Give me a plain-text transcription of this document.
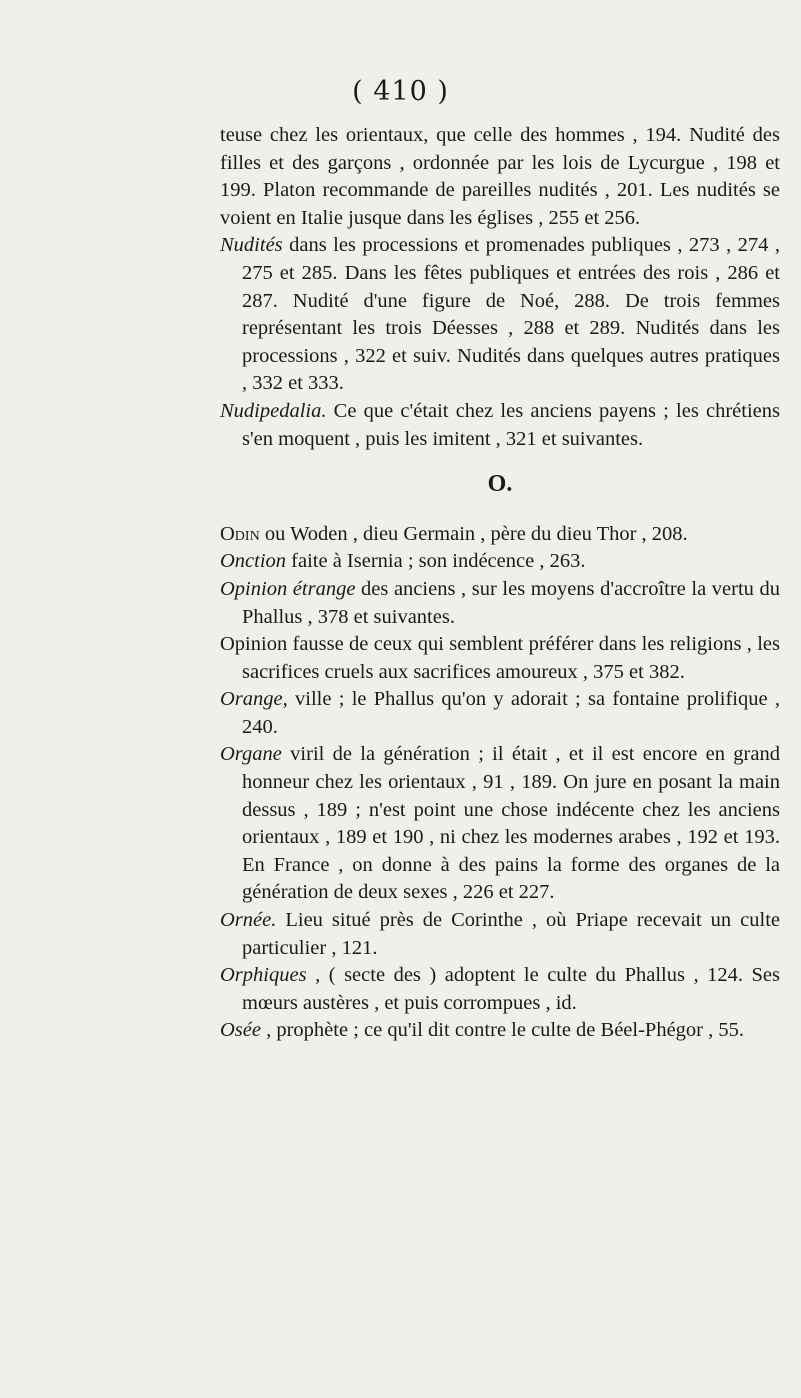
( 410 )

teuse chez les orientaux, que celle des hommes , 194. Nudité des filles et des garçons , ordonnée par les lois de Lycurgue , 198 et 199. Platon recommande de pareilles nudités , 201. Les nudités se voient en Italie jusque dans les églises , 255 et 256.

Nudités dans les processions et promenades publiques , 273 , 274 , 275 et 285. Dans les fêtes publiques et entrées des rois , 286 et 287. Nudité d'une figure de Noé, 288. De trois femmes représentant les trois Déesses , 288 et 289. Nudités dans les processions , 322 et suiv. Nudités dans quelques autres pratiques , 332 et 333.

Nudipedalia. Ce que c'était chez les anciens payens ; les chrétiens s'en moquent , puis les imitent , 321 et suivantes.

O.

Odin ou Woden , dieu Germain , père du dieu Thor , 208.

Onction faite à Isernia ; son indécence , 263.

Opinion étrange des anciens , sur les moyens d'accroître la vertu du Phallus , 378 et suivantes.

Opinion fausse de ceux qui semblent préférer dans les religions , les sacrifices cruels aux sacrifices amoureux , 375 et 382.

Orange, ville ; le Phallus qu'on y adorait ; sa fontaine prolifique , 240.

Organe viril de la génération ; il était , et il est encore en grand honneur chez les orientaux , 91 , 189. On jure en posant la main dessus , 189 ; n'est point une chose indécente chez les anciens orientaux , 189 et 190 , ni chez les modernes arabes , 192 et 193. En France , on donne à des pains la forme des organes de la génération de deux sexes , 226 et 227.

Ornée. Lieu situé près de Corinthe , où Priape recevait un culte particulier , 121.

Orphiques , ( secte des ) adoptent le culte du Phallus , 124. Ses mœurs austères , et puis corrompues , id.

Osée , prophète ; ce qu'il dit contre le culte de Béel-Phégor , 55.
